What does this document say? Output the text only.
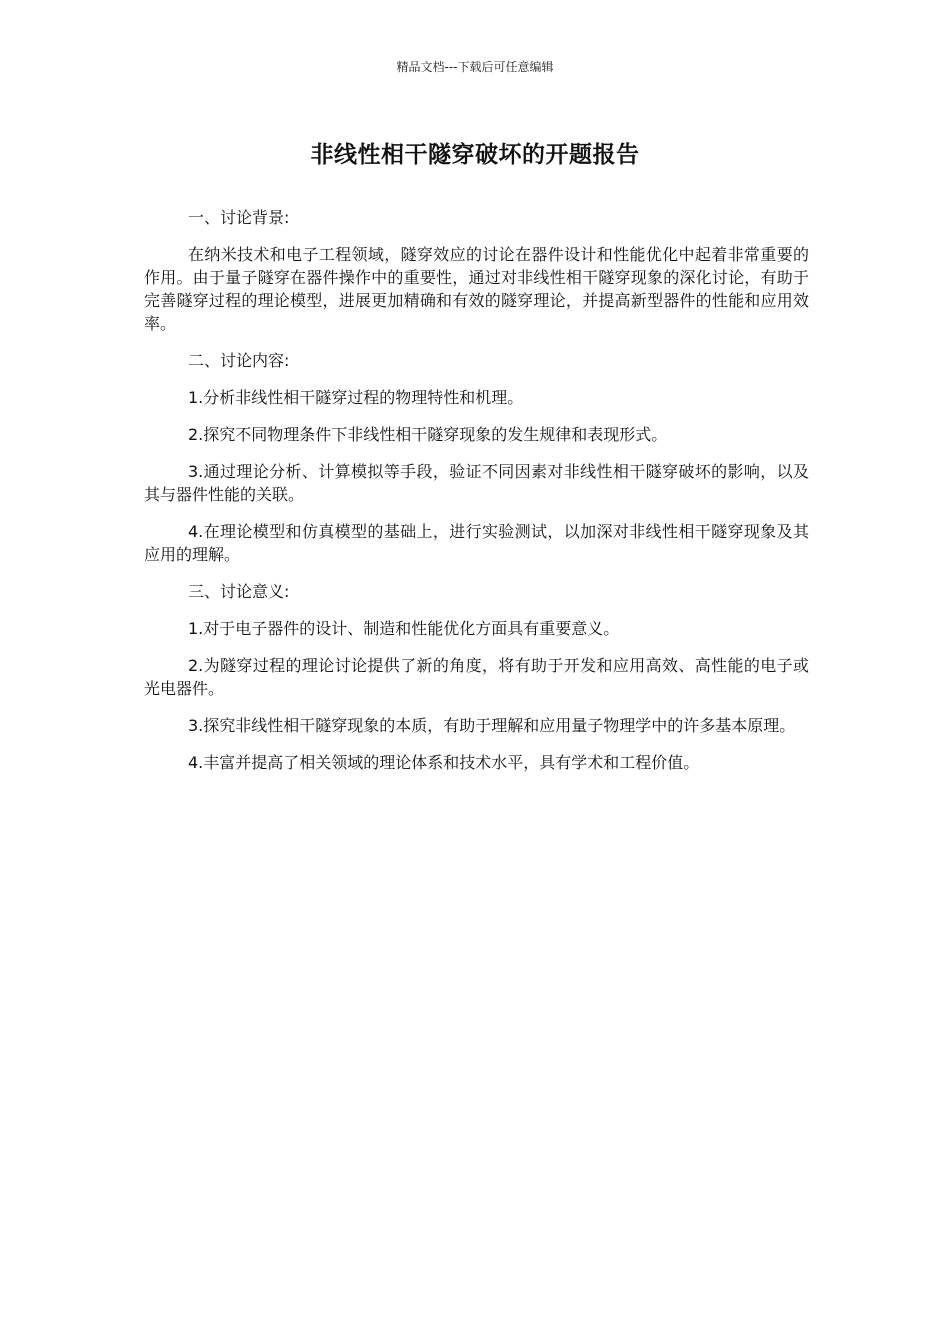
精品文档---下载后可任意编辑
非线性相干隧穿破坏的开题报告

一、讨论背景:

在纳米技术和电子工程领域，隧穿效应的讨论在器件设计和性能优化中起着非常重要的作用。由于量子隧穿在器件操作中的重要性，通过对非线性相干隧穿现象的深化讨论，有助于完善隧穿过程的理论模型，进展更加精确和有效的隧穿理论，并提高新型器件的性能和应用效率。

二、讨论内容:

1.分析非线性相干隧穿过程的物理特性和机理。

2.探究不同物理条件下非线性相干隧穿现象的发生规律和表现形式。

3.通过理论分析、计算模拟等手段，验证不同因素对非线性相干隧穿破坏的影响，以及其与器件性能的关联。

4.在理论模型和仿真模型的基础上，进行实验测试，以加深对非线性相干隧穿现象及其应用的理解。

三、讨论意义:

1.对于电子器件的设计、制造和性能优化方面具有重要意义。

2.为隧穿过程的理论讨论提供了新的角度，将有助于开发和应用高效、高性能的电子或光电器件。

3.探究非线性相干隧穿现象的本质，有助于理解和应用量子物理学中的许多基本原理。

4.丰富并提高了相关领域的理论体系和技术水平，具有学术和工程价值。
